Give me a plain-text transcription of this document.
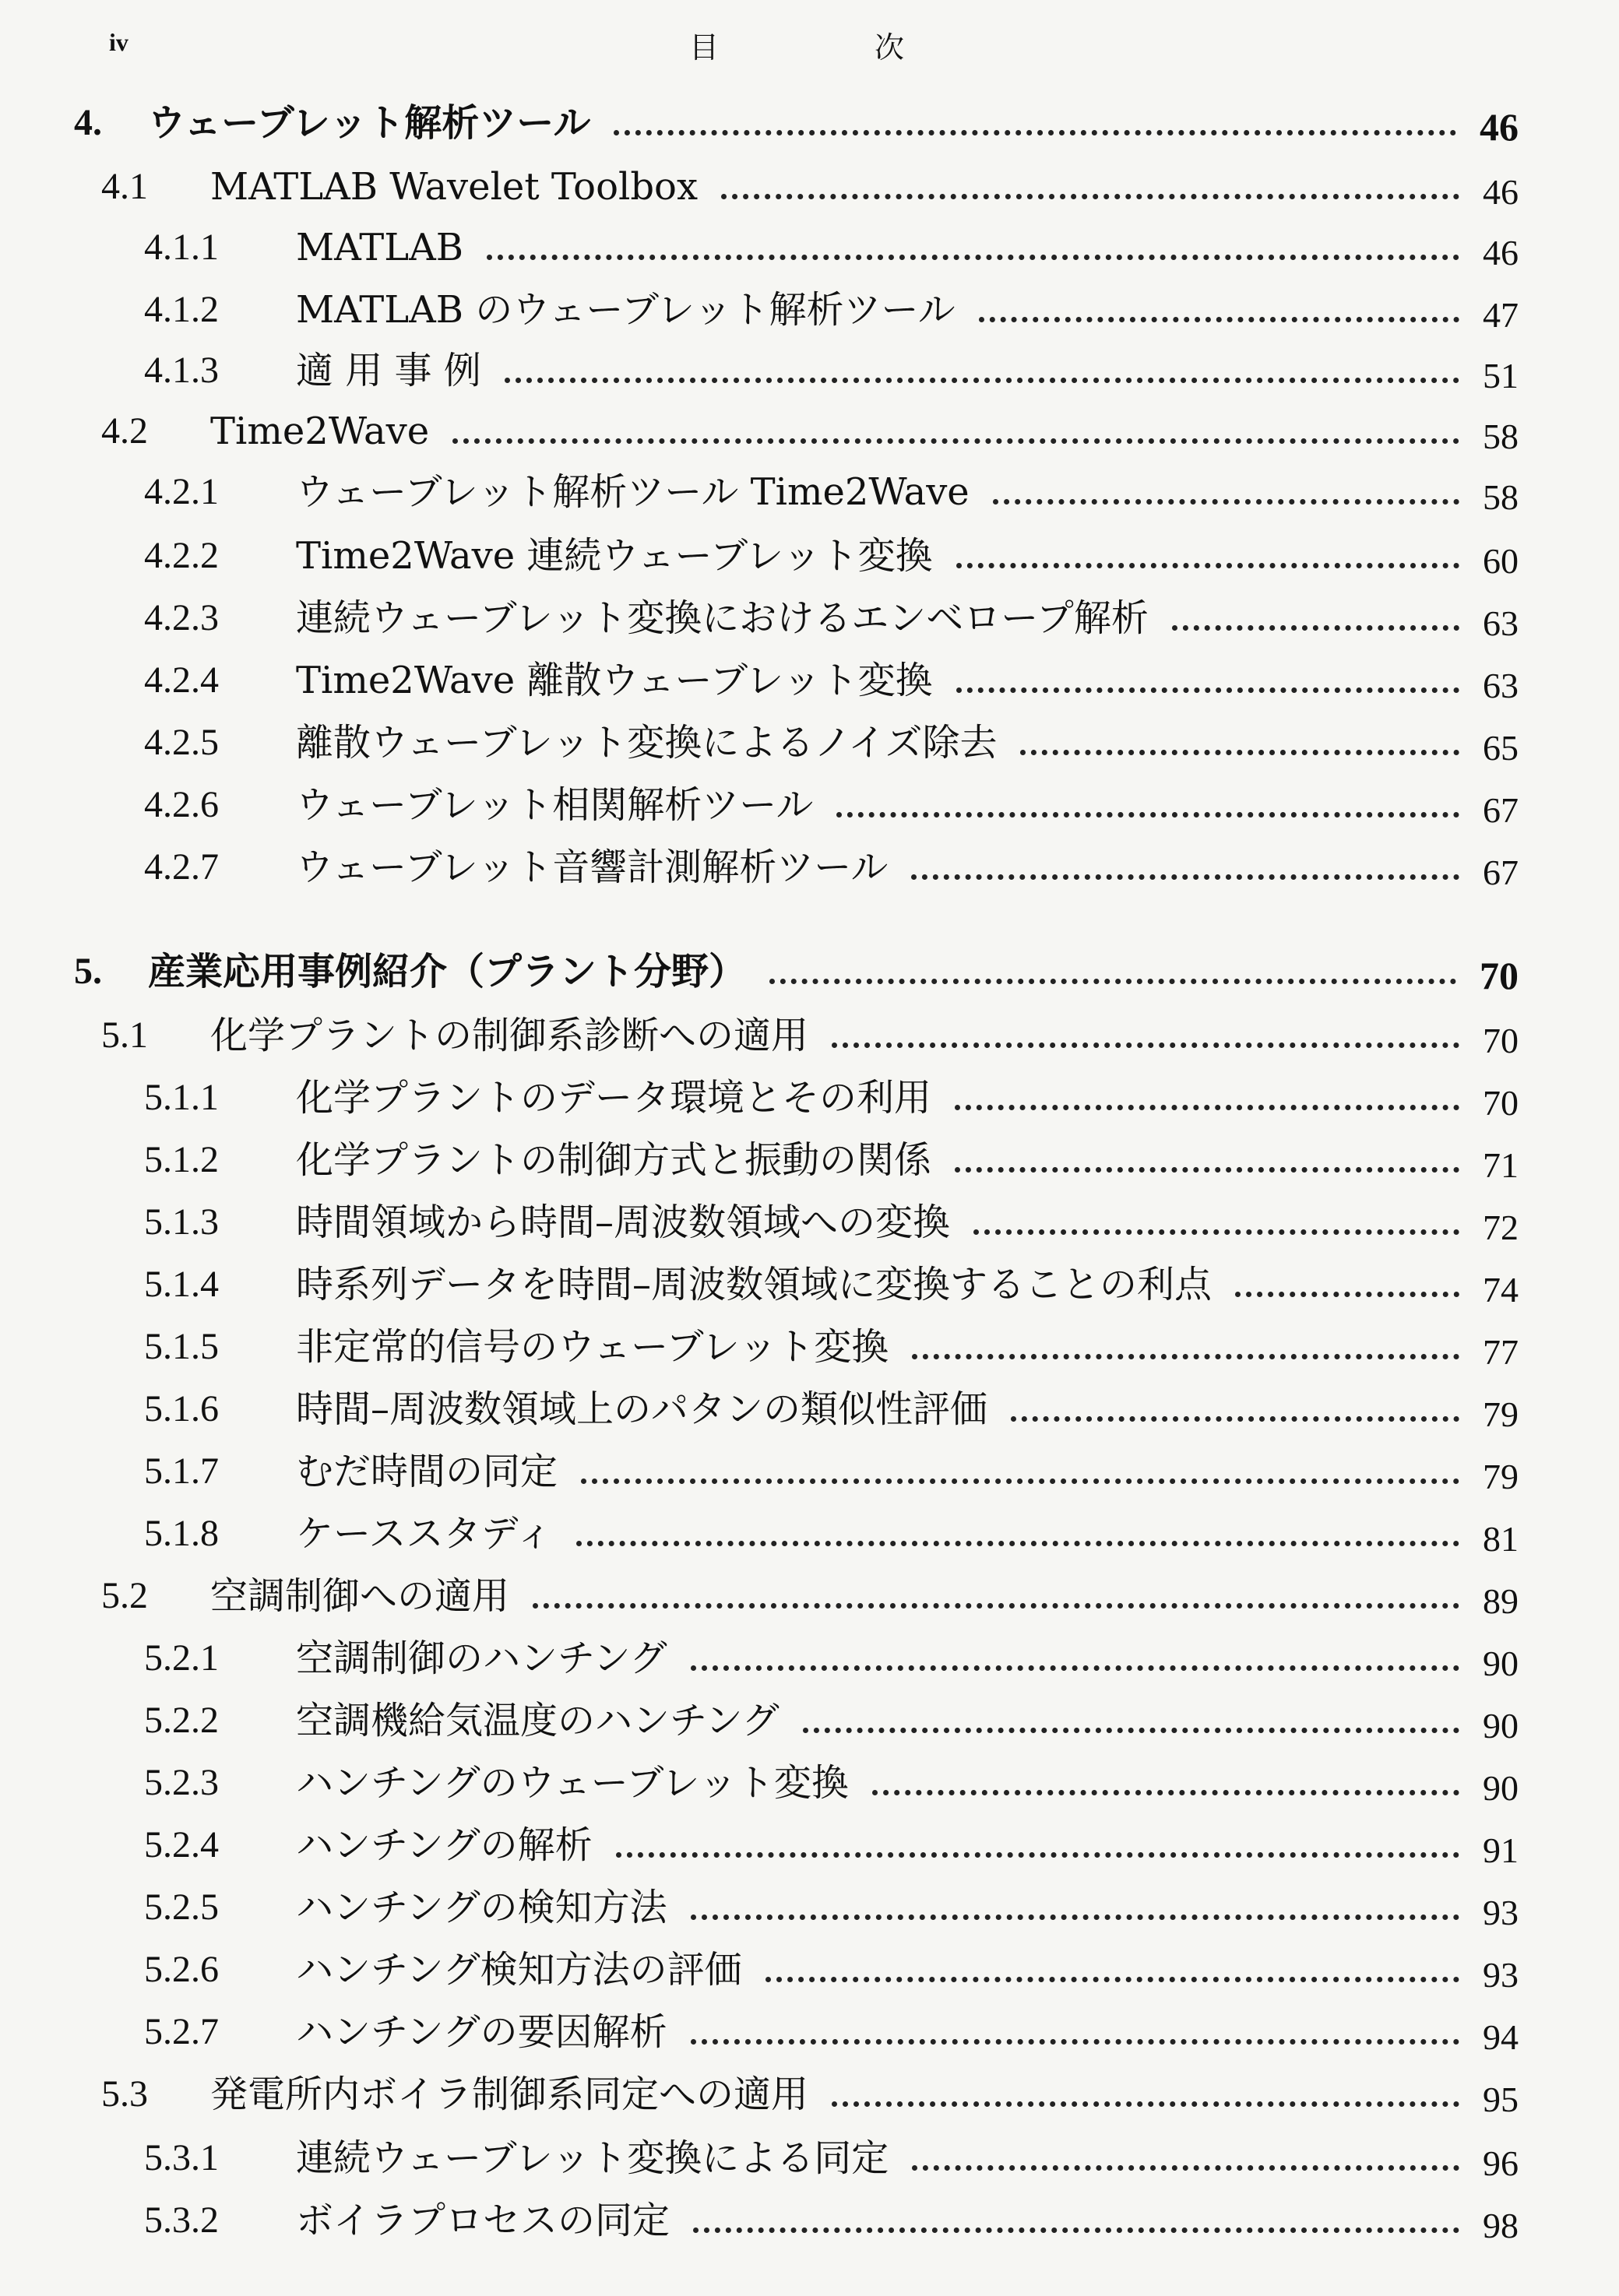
iv	目次
4. ウェーブレット解析ツール	46
4.1 MATLAB Wavelet Toolbox	46
4.1.1 MATLAB	46
4.1.2 MATLAB のウェーブレット解析ツール	47
4.1.3 適 用 事 例	51
4.2 Time2Wave	58
4.2.1 ウェーブレット解析ツール Time2Wave	58
4.2.2 Time2Wave 連続ウェーブレット変換	60
4.2.3 連続ウェーブレット変換におけるエンベロープ解析	63
4.2.4 Time2Wave 離散ウェーブレット変換	63
4.2.5 離散ウェーブレット変換によるノイズ除去	65
4.2.6 ウェーブレット相関解析ツール	67
4.2.7 ウェーブレット音響計測解析ツール	67
5. 産業応用事例紹介（プラント分野）	70
5.1 化学プラントの制御系診断への適用	70
5.1.1 化学プラントのデータ環境とその利用	70
5.1.2 化学プラントの制御方式と振動の関係	71
5.1.3 時間領域から時間–周波数領域への変換	72
5.1.4 時系列データを時間–周波数領域に変換することの利点	74
5.1.5 非定常的信号のウェーブレット変換	77
5.1.6 時間–周波数領域上のパタンの類似性評価	79
5.1.7 むだ時間の同定	79
5.1.8 ケーススタディ	81
5.2 空調制御への適用	89
5.2.1 空調制御のハンチング	90
5.2.2 空調機給気温度のハンチング	90
5.2.3 ハンチングのウェーブレット変換	90
5.2.4 ハンチングの解析	91
5.2.5 ハンチングの検知方法	93
5.2.6 ハンチング検知方法の評価	93
5.2.7 ハンチングの要因解析	94
5.3 発電所内ボイラ制御系同定への適用	95
5.3.1 連続ウェーブレット変換による同定	96
5.3.2 ボイラプロセスの同定	98
